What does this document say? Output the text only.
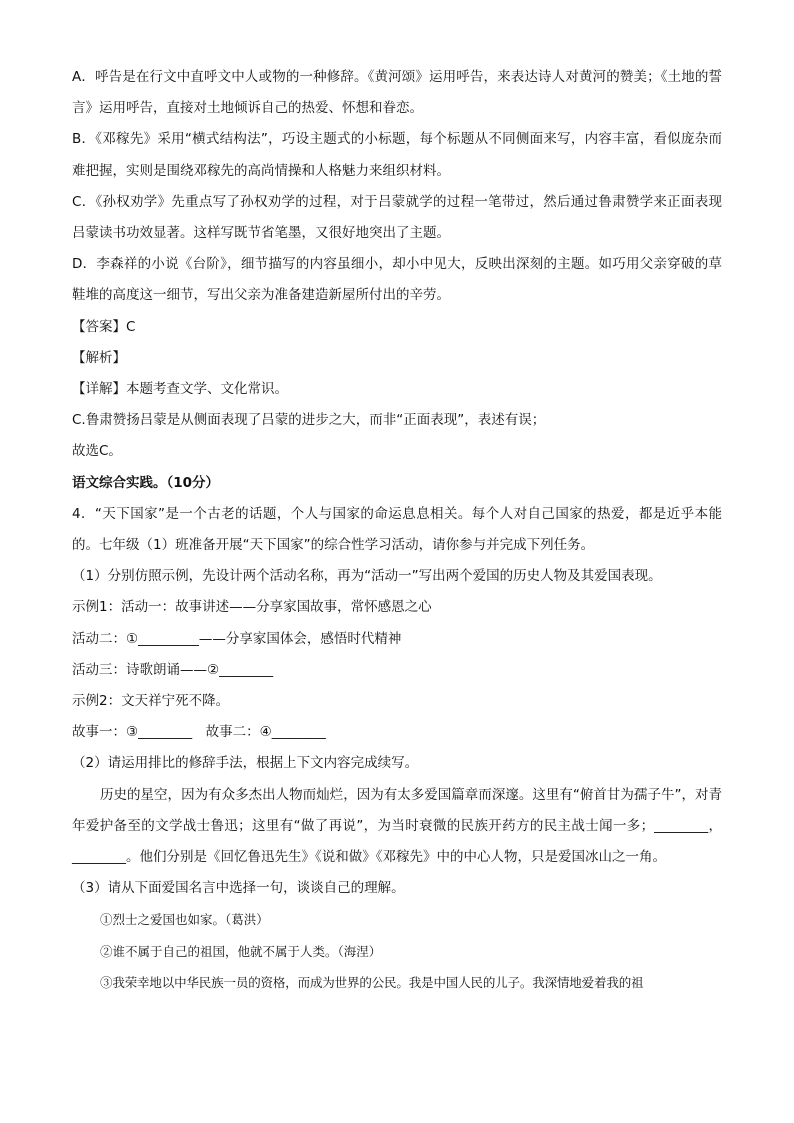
A．呼告是在行文中直呼文中人或物的一种修辞。《黄河颂》运用呼告，来表达诗人对黄河的赞美；《土地的誓言》运用呼告，直接对土地倾诉自己的热爱、怀想和眷恋。

B．《邓稼先》采用“横式结构法”，巧设主题式的小标题，每个标题从不同侧面来写，内容丰富，看似庞杂而难把握，实则是围绕邓稼先的高尚情操和人格魅力来组织材料。

C．《孙权劝学》先重点写了孙权劝学的过程，对于吕蒙就学的过程一笔带过，然后通过鲁肃赞学来正面表现吕蒙读书功效显著。这样写既节省笔墨，又很好地突出了主题。

D．李森祥的小说《台阶》，细节描写的内容虽细小，却小中见大，反映出深刻的主题。如巧用父亲穿破的草鞋堆的高度这一细节，写出父亲为准备建造新屋所付出的辛劳。

【答案】C

【解析】

【详解】本题考查文学、文化常识。

C.鲁肃赞扬吕蒙是从侧面表现了吕蒙的进步之大，而非“正面表现”，表述有误；

故选C。

语文综合实践。（10分）

4．“天下国家”是一个古老的话题，个人与国家的命运息息相关。每个人对自己国家的热爱，都是近乎本能的。七年级（1）班准备开展“天下国家”的综合性学习活动，请你参与并完成下列任务。

（1）分别仿照示例，先设计两个活动名称，再为“活动一”写出两个爱国的历史人物及其爱国表现。

示例1：活动一：故事讲述——分享家国故事，常怀感恩之心

活动二：①_________——分享家国体会，感悟时代精神

活动三：诗歌朗诵——②________

示例2：文天祥宁死不降。

故事一：③________　故事二：④________

（2）请运用排比的修辞手法，根据上下文内容完成续写。

历史的星空，因为有众多杰出人物而灿烂，因为有太多爱国篇章而深邃。这里有“俯首甘为孺子牛”，对青年爱护备至的文学战士鲁迅；这里有“做了再说”，为当时衰微的民族开药方的民主战士闻一多；________，________。他们分别是《回忆鲁迅先生》《说和做》《邓稼先》中的中心人物，只是爱国冰山之一角。

（3）请从下面爱国名言中选择一句，谈谈自己的理解。

①烈士之爱国也如家。（葛洪）

②谁不属于自己的祖国，他就不属于人类。（海涅）

③我荣幸地以中华民族一员的资格，而成为世界的公民。我是中国人民的儿子。我深情地爱着我的祖
